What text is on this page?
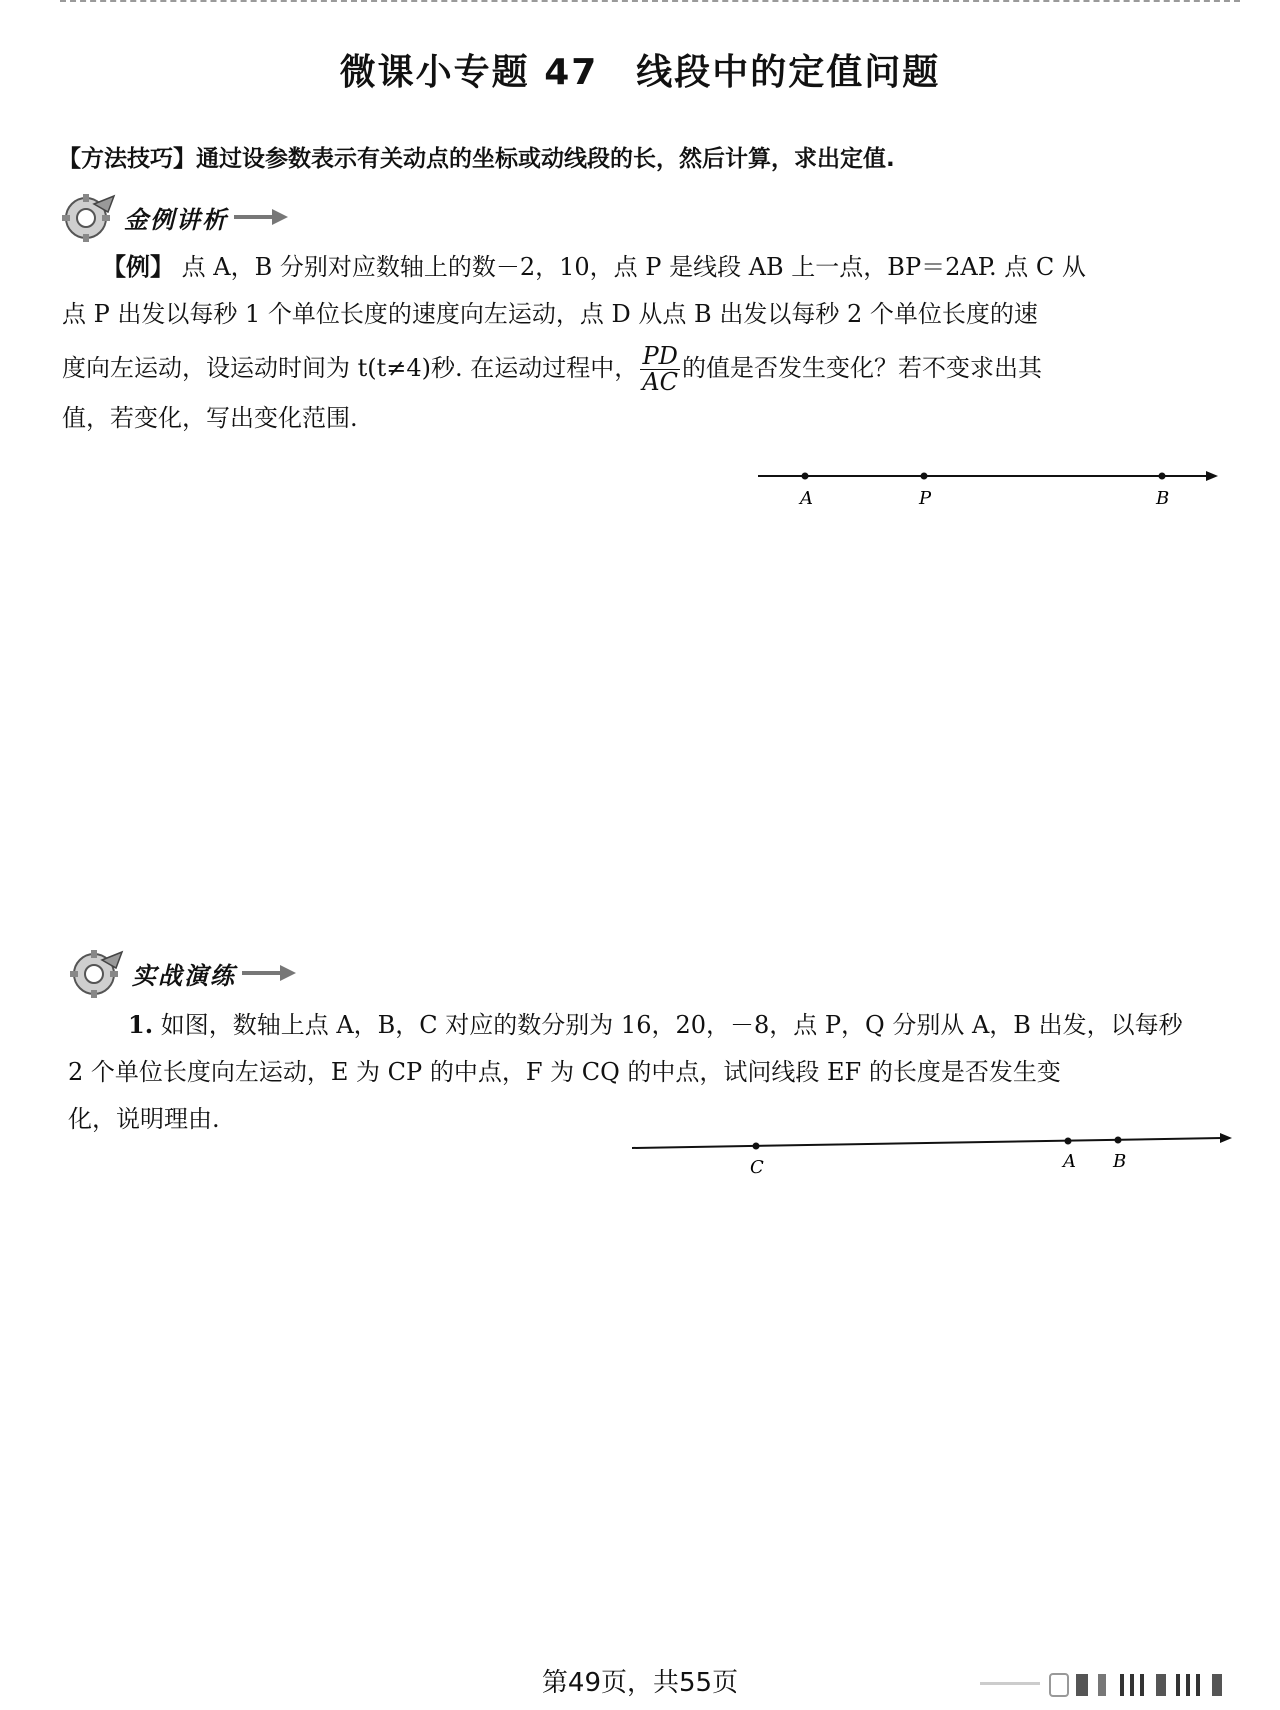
微课小专题 47　线段中的定值问题
【方法技巧】通过设参数表示有关动点的坐标或动线段的长，然后计算，求出定值.
金例讲析
【例】 点 A，B 分别对应数轴上的数－2，10，点 P 是线段 AB 上一点，BP＝2AP. 点 C 从
点 P 出发以每秒 1 个单位长度的速度向左运动，点 D 从点 B 出发以每秒 2 个单位长度的速
度向左运动，设运动时间为 t(t≠4)秒. 在运动过程中， $\frac{PD}{AC}$ 的值是否发生变化？若不变求出其
值，若变化，写出变化范围.
A	P	B
实战演练
1. 如图，数轴上点 A，B，C 对应的数分别为 16，20，－8，点 P，Q 分别从 A，B 出发，以每秒
2 个单位长度向左运动，E 为 CP 的中点，F 为 CQ 的中点，试问线段 EF 的长度是否发生变
化，说明理由.
C	A B
第49页，共55页
